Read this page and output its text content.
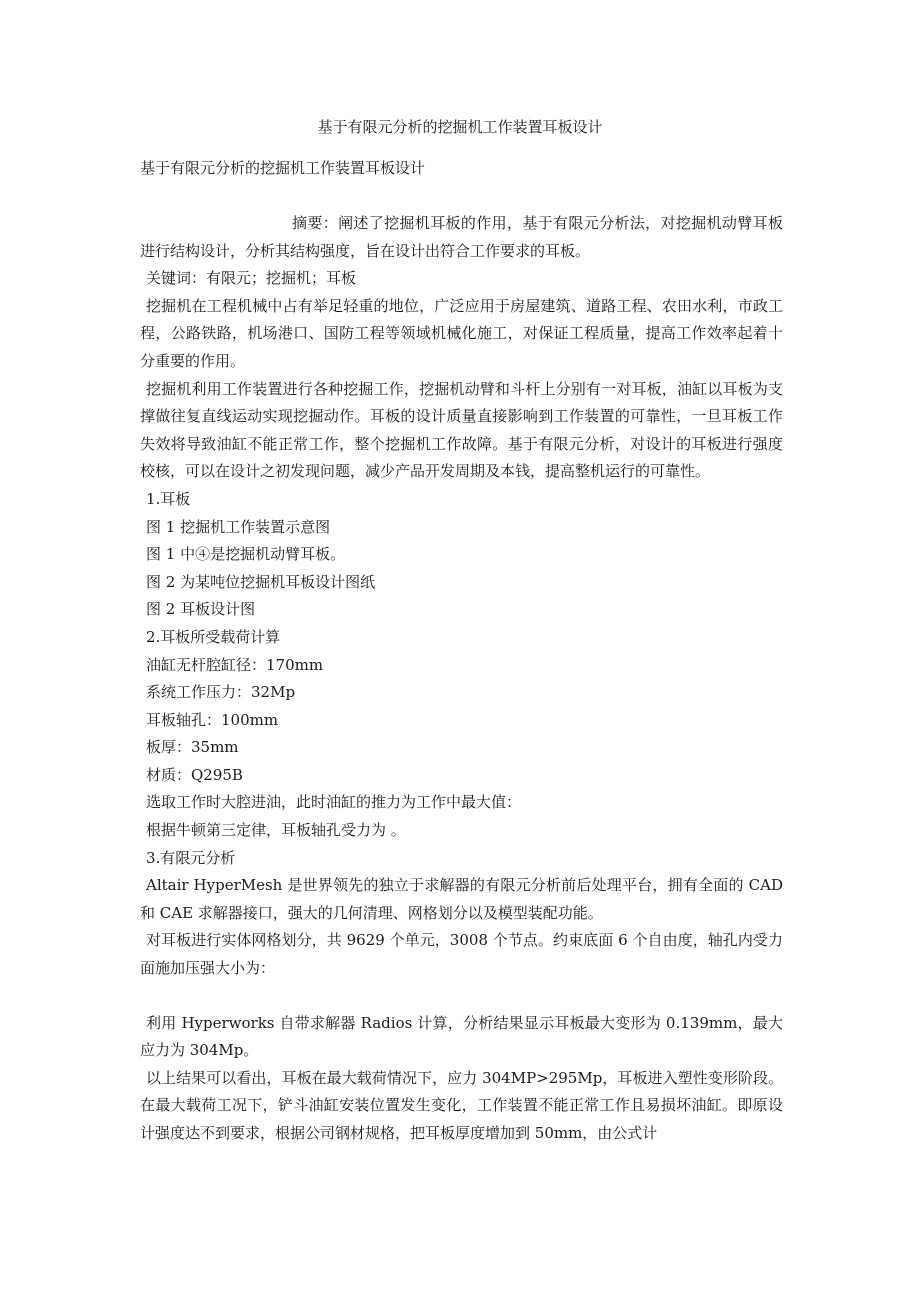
基于有限元分析的挖掘机工作装置耳板设计
基于有限元分析的挖掘机工作装置耳板设计

摘要：阐述了挖掘机耳板的作用，基于有限元分析法，对挖掘机动臂耳板进行结构设计，分析其结构强度，旨在设计出符合工作要求的耳板。

关键词：有限元；挖掘机；耳板

挖掘机在工程机械中占有举足轻重的地位，广泛应用于房屋建筑、道路工程、农田水利，市政工程，公路铁路，机场港口、国防工程等领域机械化施工，对保证工程质量，提高工作效率起着十分重要的作用。

挖掘机利用工作装置进行各种挖掘工作，挖掘机动臂和斗杆上分别有一对耳板，油缸以耳板为支撑做往复直线运动实现挖掘动作。耳板的设计质量直接影响到工作装置的可靠性，一旦耳板工作失效将导致油缸不能正常工作，整个挖掘机工作故障。基于有限元分析，对设计的耳板进行强度校核，可以在设计之初发现问题，减少产品开发周期及本钱，提高整机运行的可靠性。

1.耳板

图 1 挖掘机工作装置示意图

图 1 中④是挖掘机动臂耳板。

图 2 为某吨位挖掘机耳板设计图纸

图 2 耳板设计图

2.耳板所受载荷计算

油缸无杆腔缸径：170mm

系统工作压力：32Mp

耳板轴孔：100mm

板厚：35mm

材质：Q295B

选取工作时大腔进油，此时油缸的推力为工作中最大值：

根据牛顿第三定律，耳板轴孔受力为 。

3.有限元分析

Altair HyperMesh 是世界领先的独立于求解器的有限元分析前后处理平台，拥有全面的 CAD 和 CAE 求解器接口，强大的几何清理、网格划分以及模型装配功能。

对耳板进行实体网格划分，共 9629 个单元，3008 个节点。约束底面 6 个自由度，轴孔内受力面施加压强大小为：

利用 Hyperworks 自带求解器 Radios 计算，分析结果显示耳板最大变形为 0.139mm，最大应力为 304Mp。

以上结果可以看出，耳板在最大载荷情况下，应力 304MP>295Mp，耳板进入塑性变形阶段。在最大载荷工况下，铲斗油缸安装位置发生变化，工作装置不能正常工作且易损坏油缸。即原设计强度达不到要求，根据公司钢材规格，把耳板厚度增加到 50mm，由公式计
